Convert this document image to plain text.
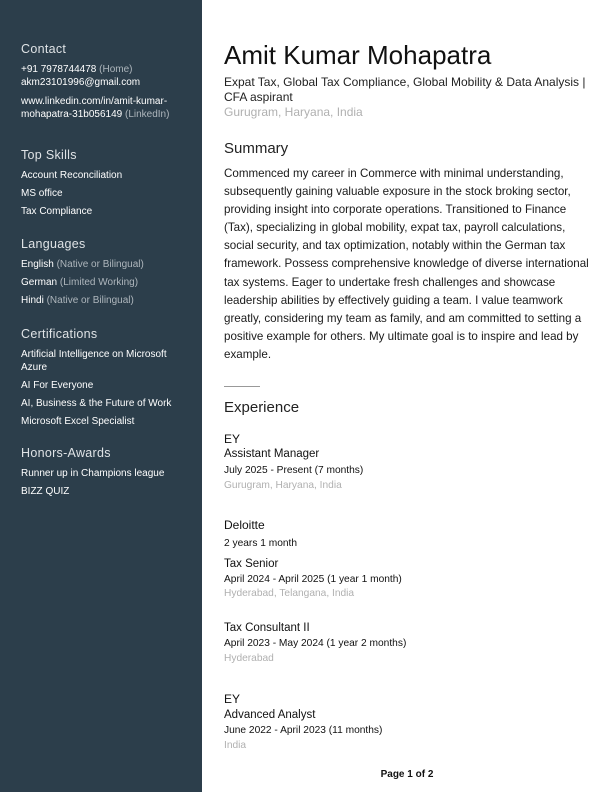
Contact
+91 7978744478 (Home)
akm23101996@gmail.com
www.linkedin.com/in/amit-kumar-
mohapatra-31b056149 (LinkedIn)
Top Skills
Account Reconciliation
MS office
Tax Compliance
Languages
English (Native or Bilingual)
German (Limited Working)
Hindi (Native or Bilingual)
Certifications
Artificial Intelligence on Microsoft Azure
AI For Everyone
AI, Business & the Future of Work
Microsoft Excel Specialist
Honors-Awards
Runner up in Champions league
BIZZ QUIZ
Amit Kumar Mohapatra
Expat Tax, Global Tax Compliance, Global Mobility & Data Analysis | CFA aspirant
Gurugram, Haryana, India
Summary
Commenced my career in Commerce with minimal understanding, subsequently gaining valuable exposure in the stock broking sector, providing insight into corporate operations. Transitioned to Finance (Tax), specializing in global mobility, expat tax, payroll calculations, social security, and tax optimization, notably within the German tax framework. Possess comprehensive knowledge of diverse international tax systems. Eager to undertake fresh challenges and showcase leadership abilities by effectively guiding a team. I value teamwork greatly, considering my team as family, and am committed to setting a positive example for others. My ultimate goal is to inspire and lead by example.
Experience
EY
Assistant Manager
July 2025 - Present (7 months)
Gurugram, Haryana, India
Deloitte
2 years 1 month
Tax Senior
April 2024 - April 2025 (1 year 1 month)
Hyderabad, Telangana, India
Tax Consultant II
April 2023 - May 2024 (1 year 2 months)
Hyderabad
EY
Advanced Analyst
June 2022 - April 2023 (11 months)
India
Page 1 of 2
